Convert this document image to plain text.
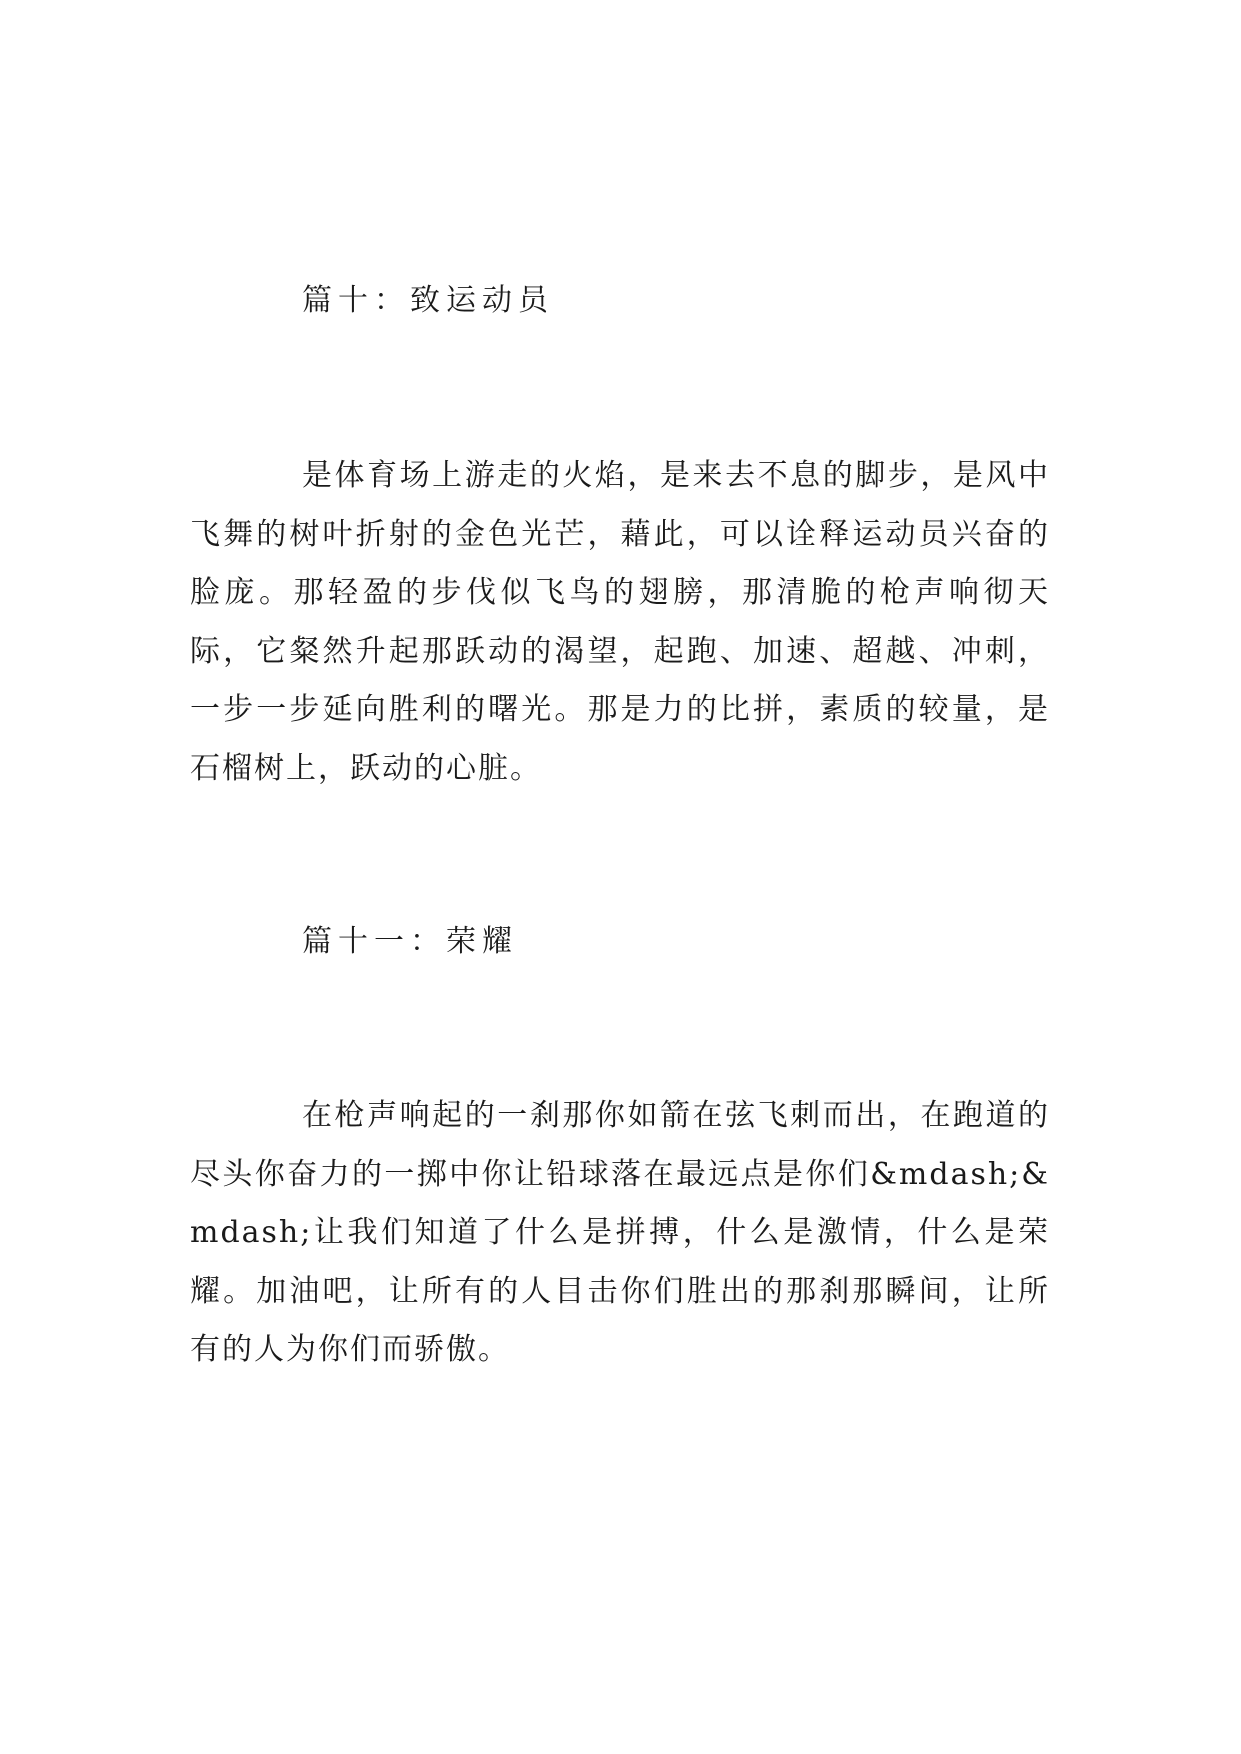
篇十：致运动员

是体育场上游走的火焰，是来去不息的脚步，是风中飞舞的树叶折射的金色光芒，藉此，可以诠释运动员兴奋的脸庞。那轻盈的步伐似飞鸟的翅膀，那清脆的枪声响彻天际，它粲然升起那跃动的渴望，起跑、加速、超越、冲刺，一步一步延向胜利的曙光。那是力的比拼，素质的较量，是石榴树上，跃动的心脏。

篇十一：荣耀

在枪声响起的一刹那你如箭在弦飞刺而出，在跑道的尽头你奋力的一掷中你让铅球落在最远点是你们&mdash;&mdash;让我们知道了什么是拼搏，什么是激情，什么是荣耀。加油吧，让所有的人目击你们胜出的那刹那瞬间，让所有的人为你们而骄傲。
